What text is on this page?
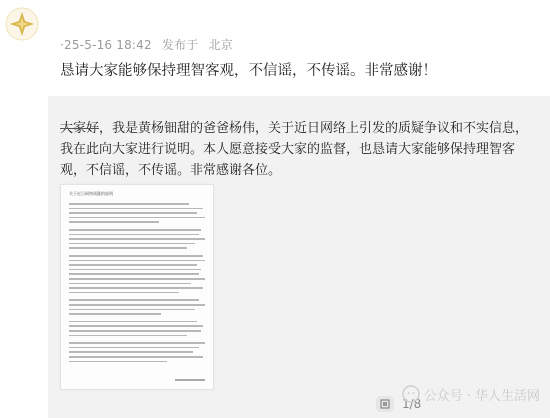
·25-5-16 18:42 发布于 北京
恳请大家能够保持理智客观，不信谣，不传谣。非常感谢！
大家好，我是黄杨钿甜的爸爸杨伟，关于近日网络上引发的质疑争议和不实信息，我在此向大家进行说明。本人愿意接受大家的监督，也恳请大家能够保持理智客观，不信谣，不传谣。非常感谢各位。
关于近日网络质疑的说明
1/8
公众号 · 华人生活网
